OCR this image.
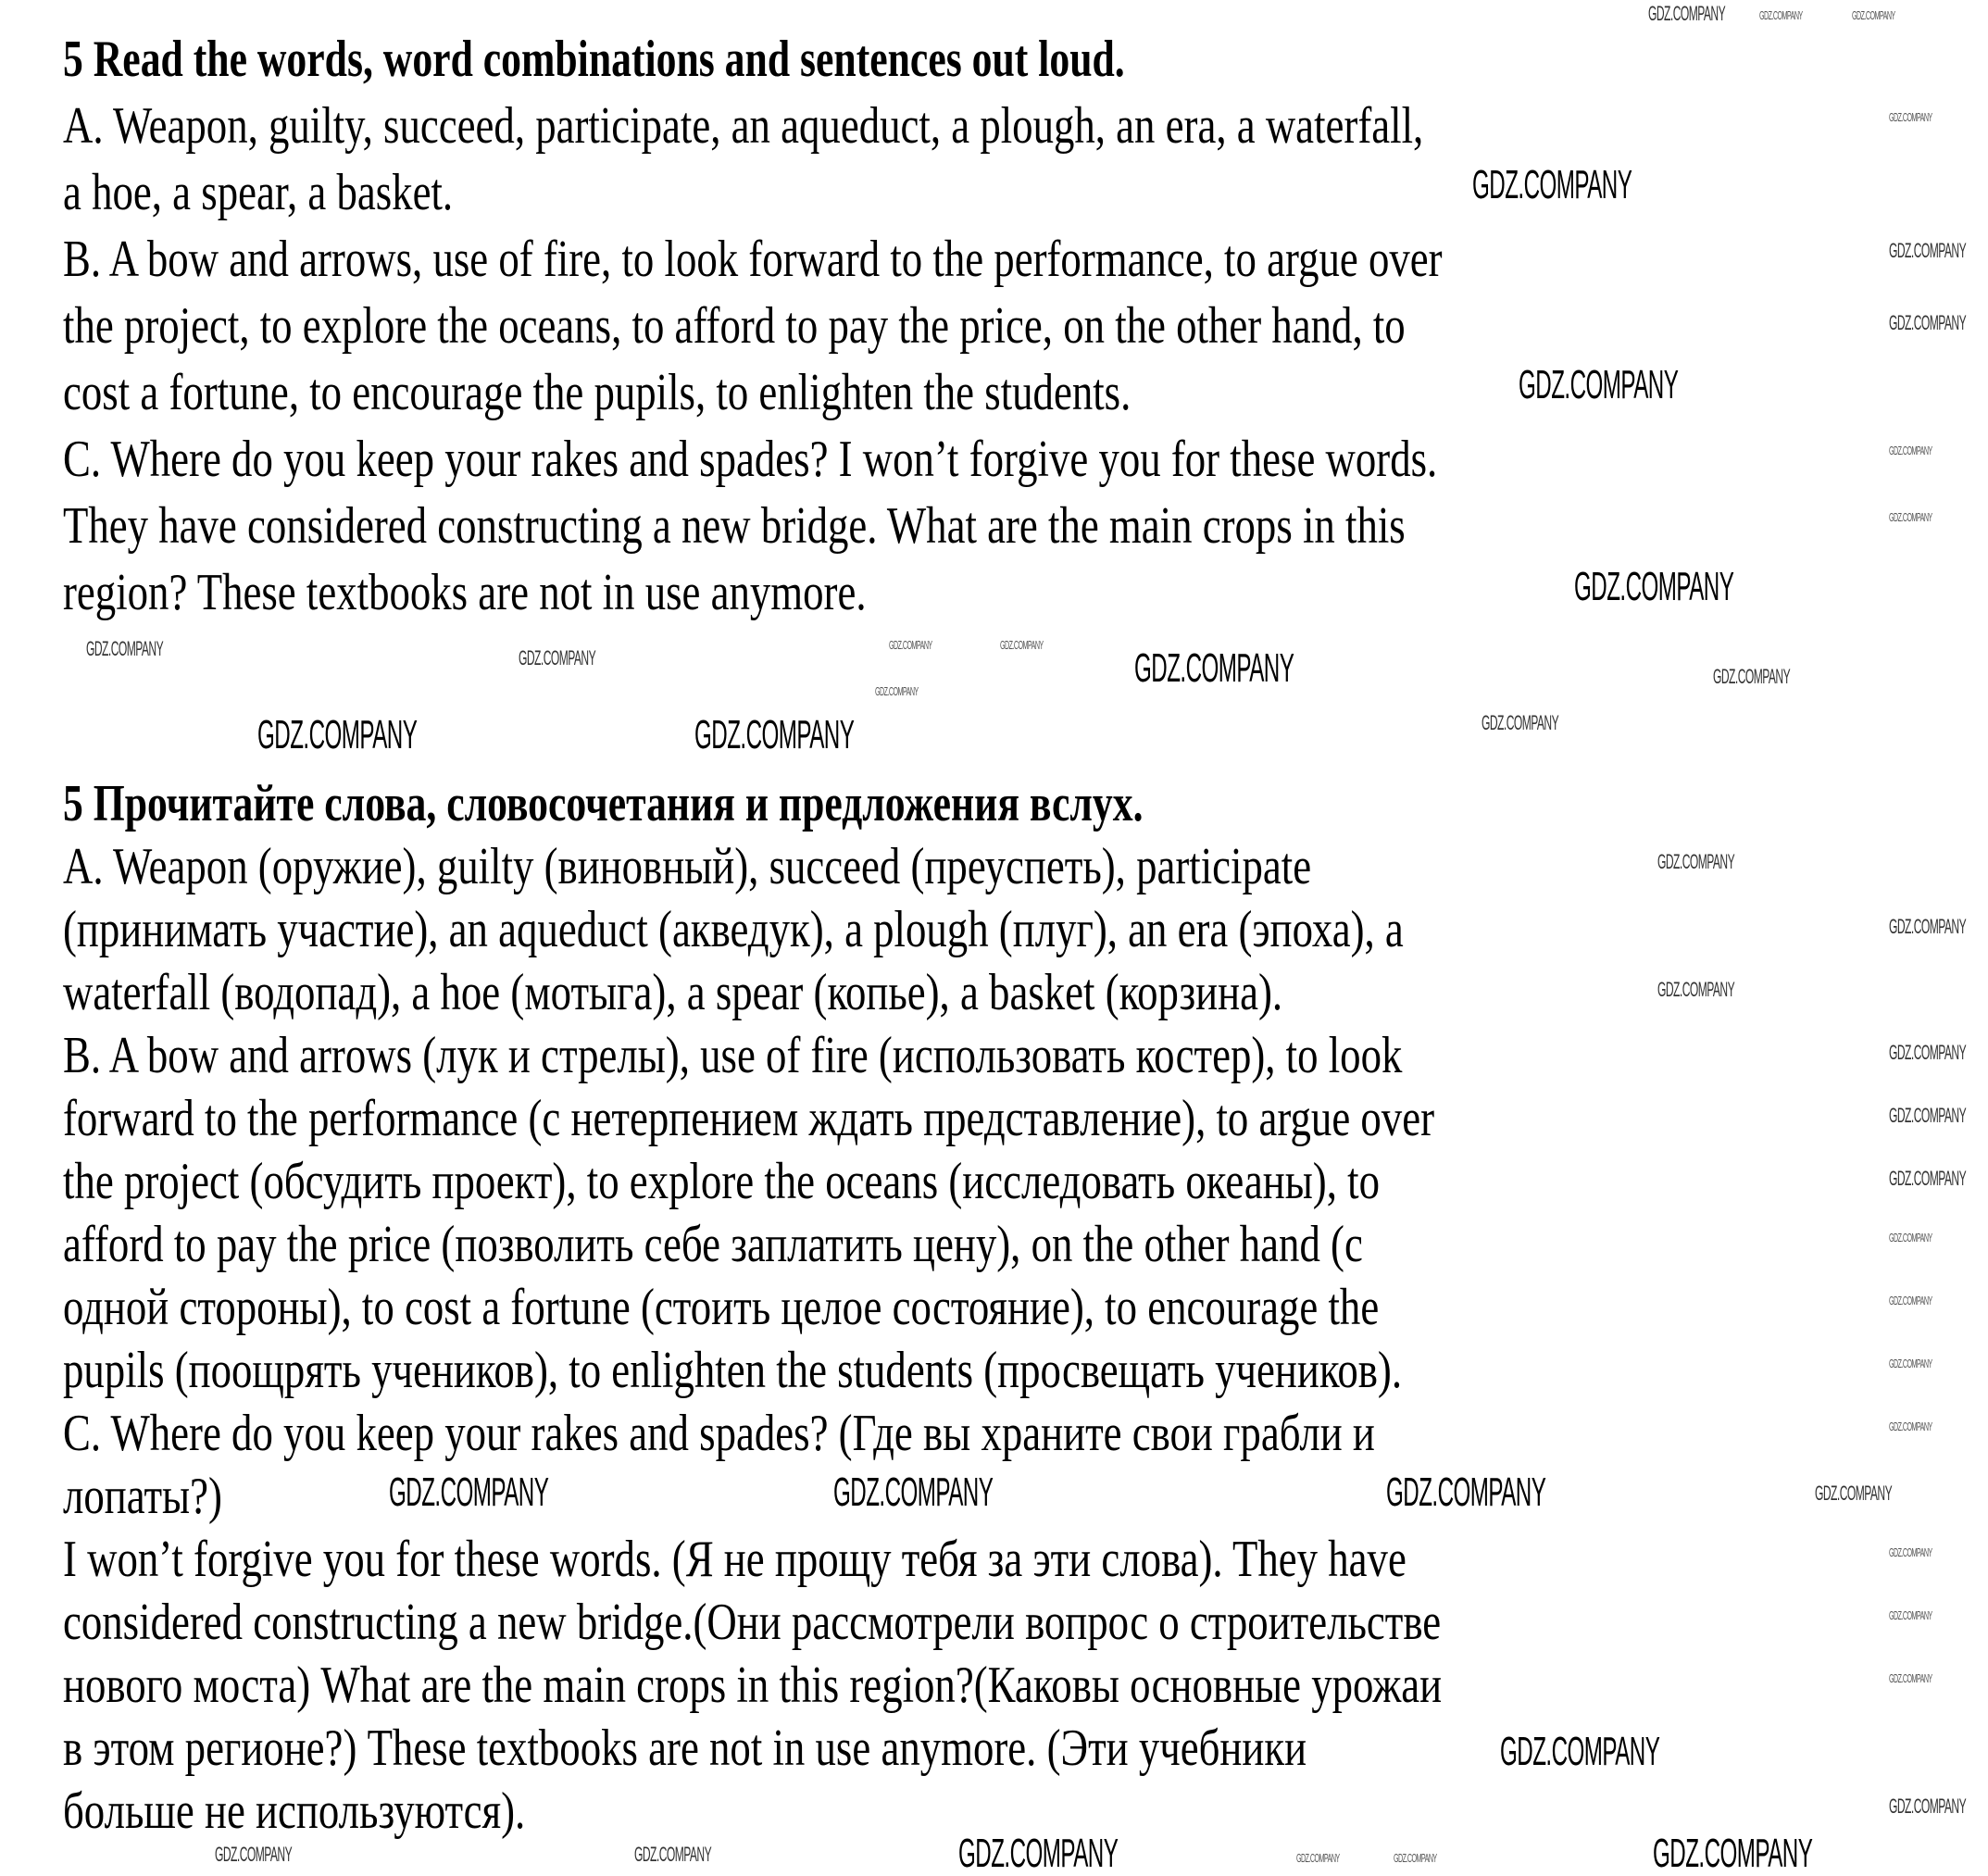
5 Read the words, word combinations and sentences out loud.
A. Weapon, guilty, succeed, participate, an aqueduct, a plough, an era, a waterfall,
a hoe, a spear, a basket.
B. A bow and arrows, use of fire, to look forward to the performance, to argue over
the project, to explore the oceans, to afford to pay the price, on the other hand, to
cost a fortune, to encourage the pupils, to enlighten the students.
C. Where do you keep your rakes and spades? I won’t forgive you for these words.
They have considered constructing a new bridge. What are the main crops in this
region? These textbooks are not in use anymore.
5 Прочитайте слова, словосочетания и предложения вслух.
A. Weapon (оружие), guilty (виновный), succeed (преуспеть), participate
(принимать участие), an aqueduct (акведук), a plough (плуг), an era (эпоха), a
waterfall (водопад), a hoe (мотыга), a spear (копье), a basket (корзина).
B. A bow and arrows (лук и стрелы), use of fire (использовать костер), to look
forward to the performance (с нетерпением ждать представление), to argue over
the project (обсудить проект), to explore the oceans (исследовать океаны), to
afford to pay the price (позволить себе заплатить цену), on the other hand (с
одной стороны), to cost a fortune (стоить целое состояние), to encourage the
pupils (поощрять учеников), to enlighten the students (просвещать учеников).
C. Where do you keep your rakes and spades? (Где вы храните свои грабли и
лопаты?)
I won’t forgive you for these words. (Я не прощу тебя за эти слова). They have
considered constructing a new bridge.(Они рассмотрели вопрос о строительстве
нового моста) What are the main crops in this region?(Каковы основные урожаи
в этом регионе?) These textbooks are not in use anymore. (Эти учебники
больше не используются).
GDZ.COMPANY	GDZ.COMPANY	GDZ.COMPANY
GDZ.COMPANY
GDZ.COMPANY
GDZ.COMPANY
GDZ.COMPANY
GDZ.COMPANY
GDZ.COMPANY
GDZ.COMPANY
GDZ.COMPANY
GDZ.COMPANY
GDZ.COMPANY	GDZ.COMPANY
GDZ.COMPANY	GDZ.COMPANY
GDZ.COMPANY
GDZ.COMPANY	GDZ.COMPANY
GDZ.COMPANY
GDZ.COMPANY
GDZ.COMPANY
GDZ.COMPANY
GDZ.COMPANY
GDZ.COMPANY
GDZ.COMPANY
GDZ.COMPANY
GDZ.COMPANY
GDZ.COMPANY
GDZ.COMPANY
GDZ.COMPANY
GDZ.COMPANY	GDZ.COMPANY	GDZ.COMPANY	GDZ.COMPANY
GDZ.COMPANY
GDZ.COMPANY
GDZ.COMPANY
GDZ.COMPANY
GDZ.COMPANY
GDZ.COMPANY	GDZ.COMPANY
GDZ.COMPANY	GDZ.COMPANY	GDZ.COMPANY	GDZ.COMPANY
